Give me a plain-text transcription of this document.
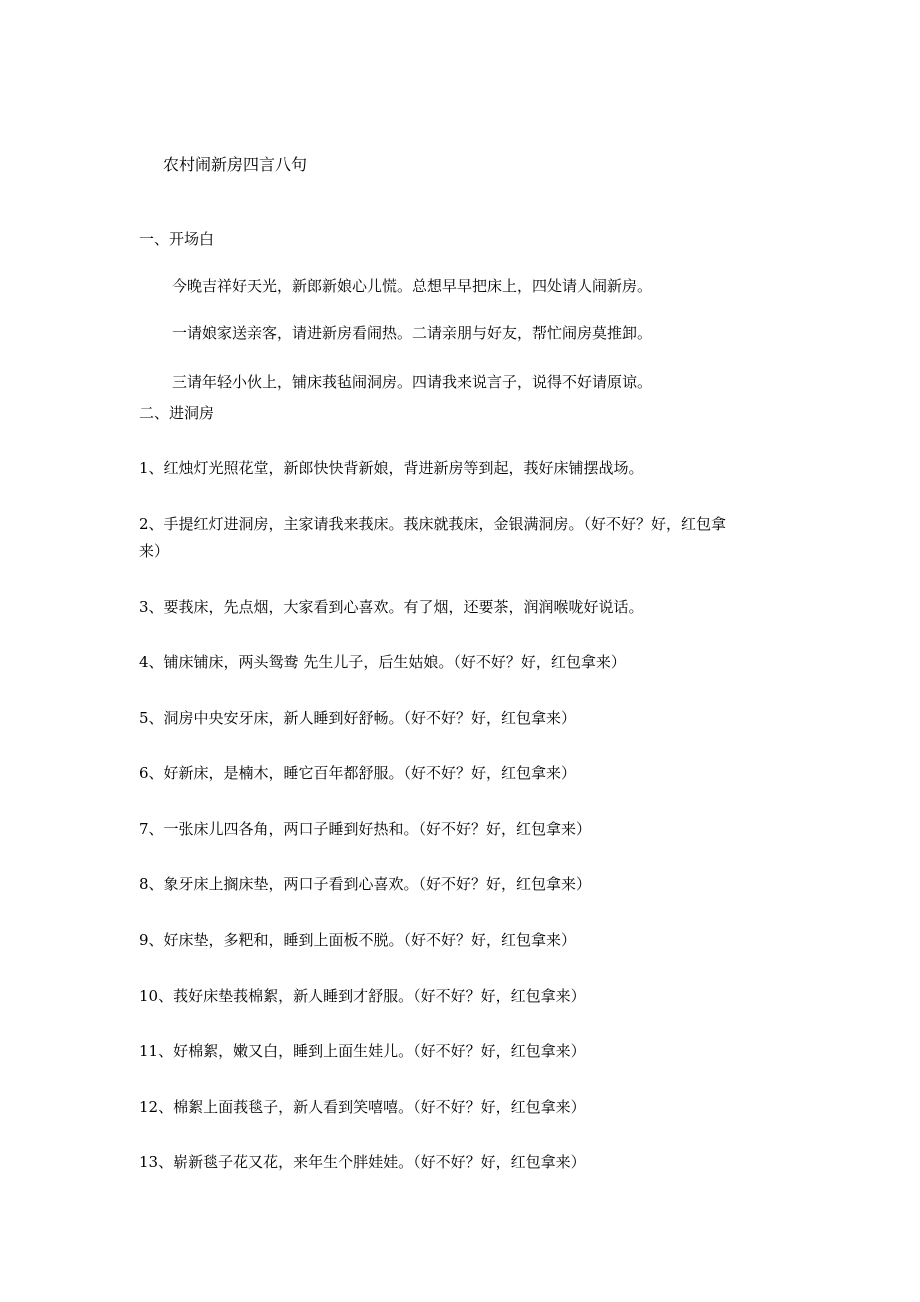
农村闹新房四言八句
一、开场白
今晚吉祥好天光，新郎新娘心儿慌。总想早早把床上，四处请人闹新房。
一请娘家送亲客，请进新房看闹热。二请亲朋与好友，帮忙闹房莫推卸。
三请年轻小伙上，铺床莪毡闹洞房。四请我来说言子，说得不好请原谅。
二、进洞房
1、红烛灯光照花堂，新郎快快背新娘，背进新房等到起，莪好床铺摆战场。
2、手提红灯进洞房，主家请我来莪床。莪床就莪床，金银满洞房。（好不好？好，红包拿
来）
3、要莪床，先点烟，大家看到心喜欢。有了烟，还要茶，润润喉咙好说话。
4、铺床铺床，两头鸳鸯 先生儿子，后生姑娘。（好不好？好，红包拿来）
5、洞房中央安牙床，新人睡到好舒畅。（好不好？好，红包拿来）
6、好新床，是楠木，睡它百年都舒服。（好不好？好，红包拿来）
7、一张床儿四各角，两口子睡到好热和。（好不好？好，红包拿来）
8、象牙床上搁床垫，两口子看到心喜欢。（好不好？好，红包拿来）
9、好床垫，多粑和，睡到上面板不脱。（好不好？好，红包拿来）
10、莪好床垫莪棉絮，新人睡到才舒服。（好不好？好，红包拿来）
11、好棉絮，嫩又白，睡到上面生娃儿。（好不好？好，红包拿来）
12、棉絮上面莪毯子，新人看到笑嘻嘻。（好不好？好，红包拿来）
13、崭新毯子花又花，来年生个胖娃娃。（好不好？好，红包拿来）
